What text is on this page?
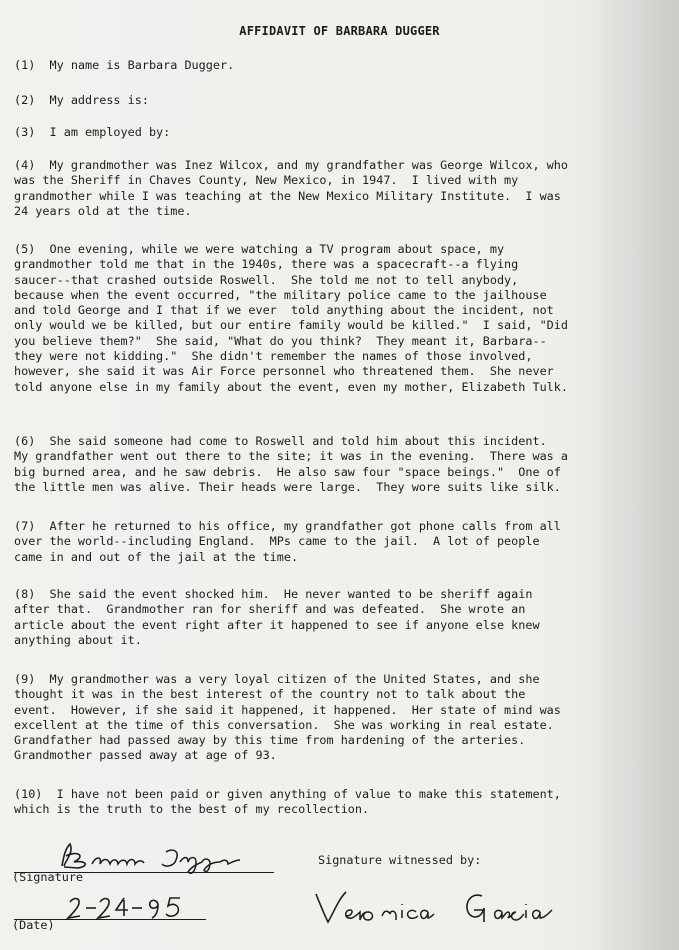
AFFIDAVIT OF BARBARA DUGGER

(1)  My name is Barbara Dugger.

(2)  My address is:

(3)  I am employed by:

(4)  My grandmother was Inez Wilcox, and my grandfather was George Wilcox, who
was the Sheriff in Chaves County, New Mexico, in 1947.  I lived with my
grandmother while I was teaching at the New Mexico Military Institute.  I was
24 years old at the time.

(5)  One evening, while we were watching a TV program about space, my
grandmother told me that in the 1940s, there was a spacecraft--a flying
saucer--that crashed outside Roswell.  She told me not to tell anybody,
because when the event occurred, "the military police came to the jailhouse
and told George and I that if we ever  told anything about the incident, not
only would we be killed, but our entire family would be killed."  I said, "Did
you believe them?"  She said, "What do you think?  They meant it, Barbara--
they were not kidding."  She didn't remember the names of those involved,
however, she said it was Air Force personnel who threatened them.  She never
told anyone else in my family about the event, even my mother, Elizabeth Tulk.

(6)  She said someone had come to Roswell and told him about this incident.
My grandfather went out there to the site; it was in the evening.  There was a
big burned area, and he saw debris.  He also saw four "space beings."  One of
the little men was alive. Their heads were large.  They wore suits like silk.

(7)  After he returned to his office, my grandfather got phone calls from all
over the world--including England.  MPs came to the jail.  A lot of people
came in and out of the jail at the time.

(8)  She said the event shocked him.  He never wanted to be sheriff again
after that.  Grandmother ran for sheriff and was defeated.  She wrote an
article about the event right after it happened to see if anyone else knew
anything about it.

(9)  My grandmother was a very loyal citizen of the United States, and she
thought it was in the best interest of the country not to talk about the
event.  However, if she said it happened, it happened.  Her state of mind was
excellent at the time of this conversation.  She was working in real estate.
Grandfather had passed away by this time from hardening of the arteries.
Grandmother passed away at age of 93.

(10)  I have not been paid or given anything of value to make this statement,
which is the truth to the best of my recollection.

(Signature
Signature witnessed by:
(Date)
